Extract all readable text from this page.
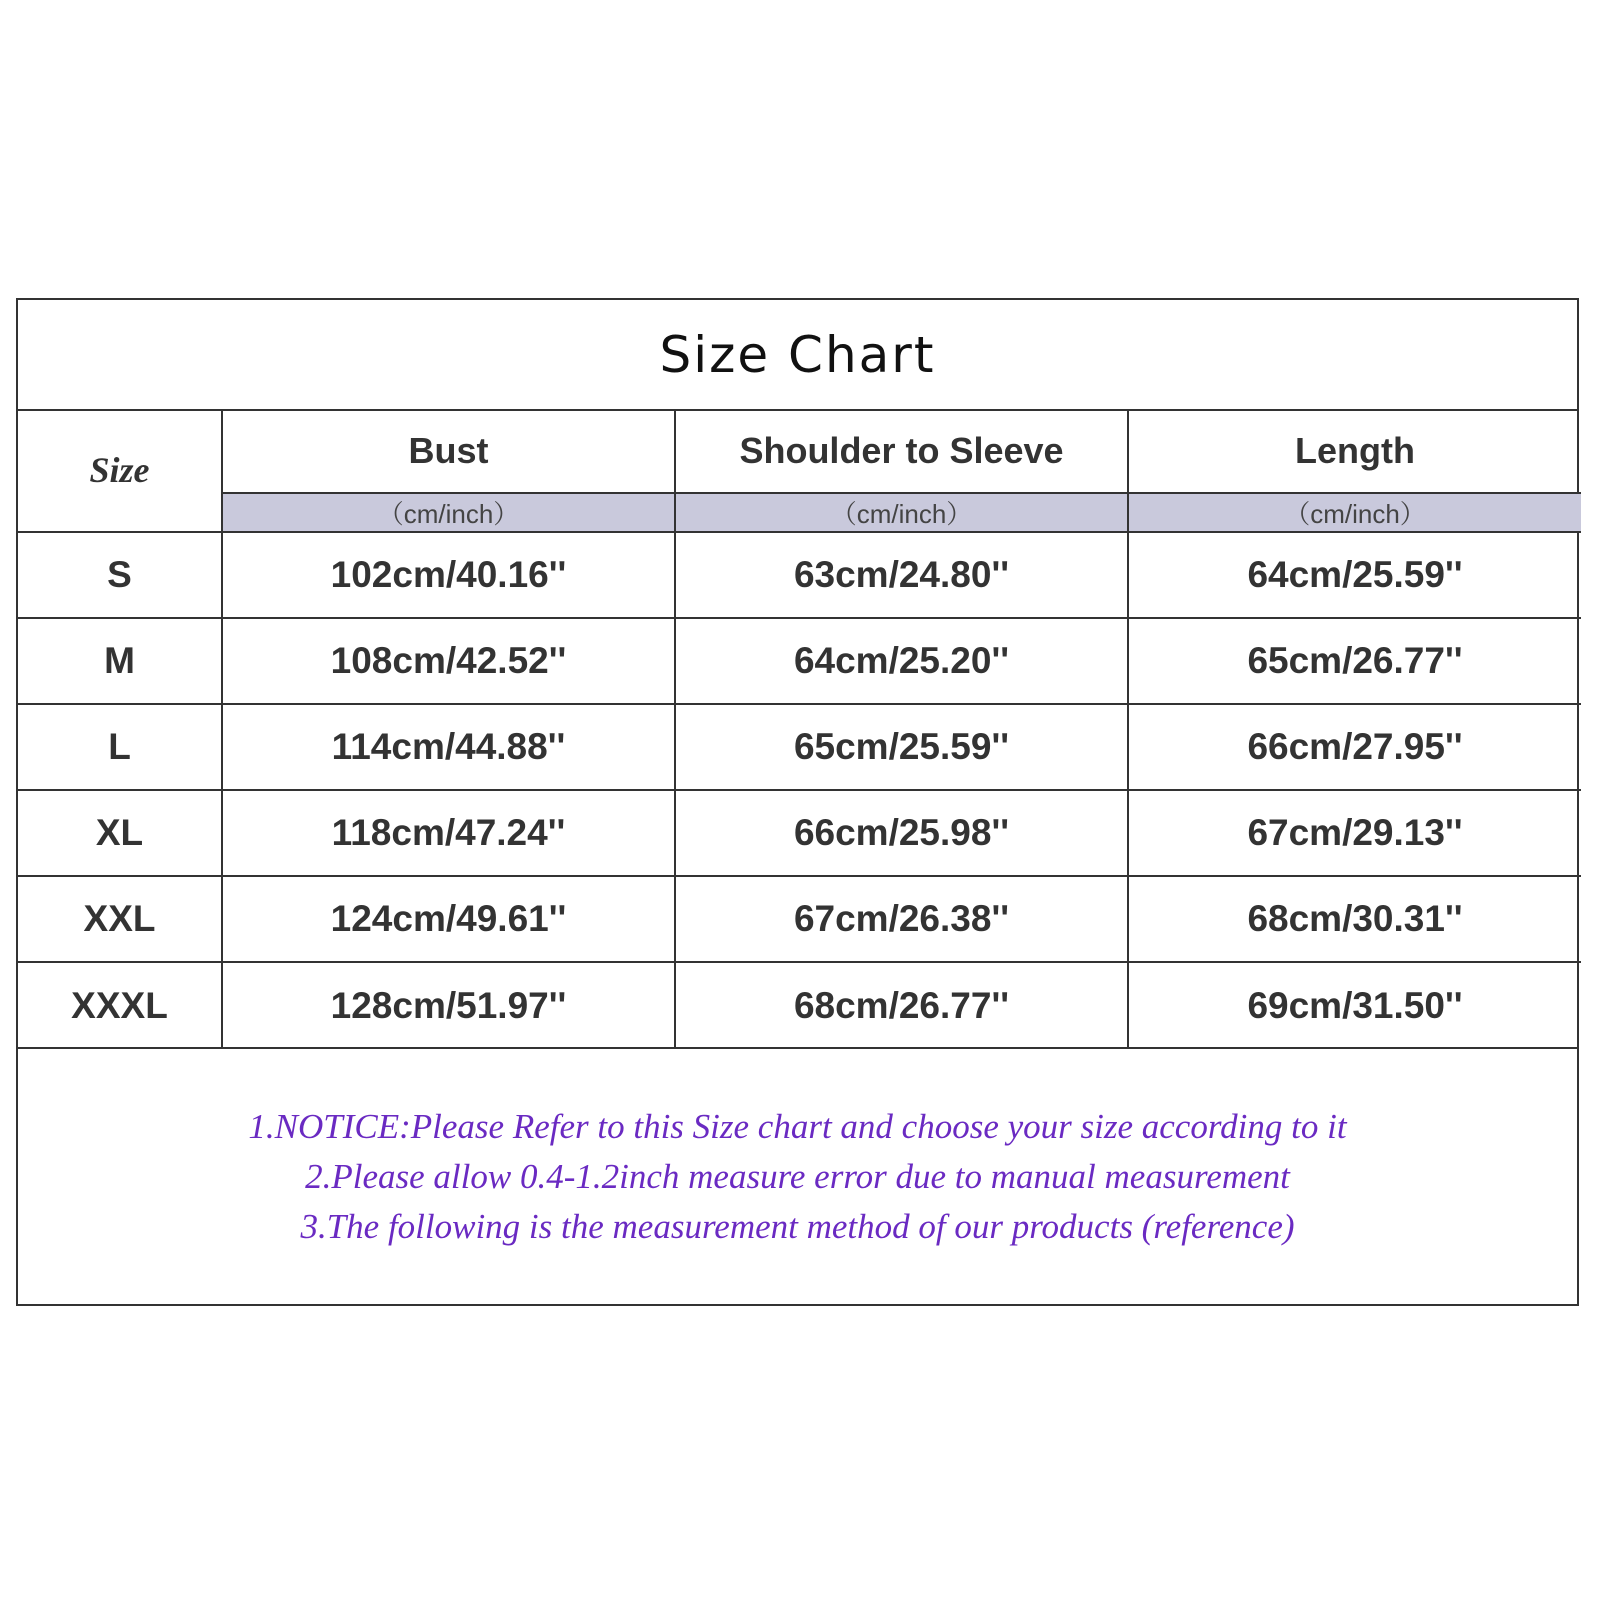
Size Chart
Size	Bust	Shoulder to Sleeve	Length
	（cm/inch）	（cm/inch）	（cm/inch）
S	102cm/40.16''	63cm/24.80''	64cm/25.59''
M	108cm/42.52''	64cm/25.20''	65cm/26.77''
L	114cm/44.88''	65cm/25.59''	66cm/27.95''
XL	118cm/47.24''	66cm/25.98''	67cm/29.13''
XXL	124cm/49.61''	67cm/26.38''	68cm/30.31''
XXXL	128cm/51.97''	68cm/26.77''	69cm/31.50''
1.NOTICE:Please Refer to this Size chart and choose your size according to it
2.Please allow 0.4-1.2inch measure error due to manual measurement
3.The following is the measurement method of our products (reference)
